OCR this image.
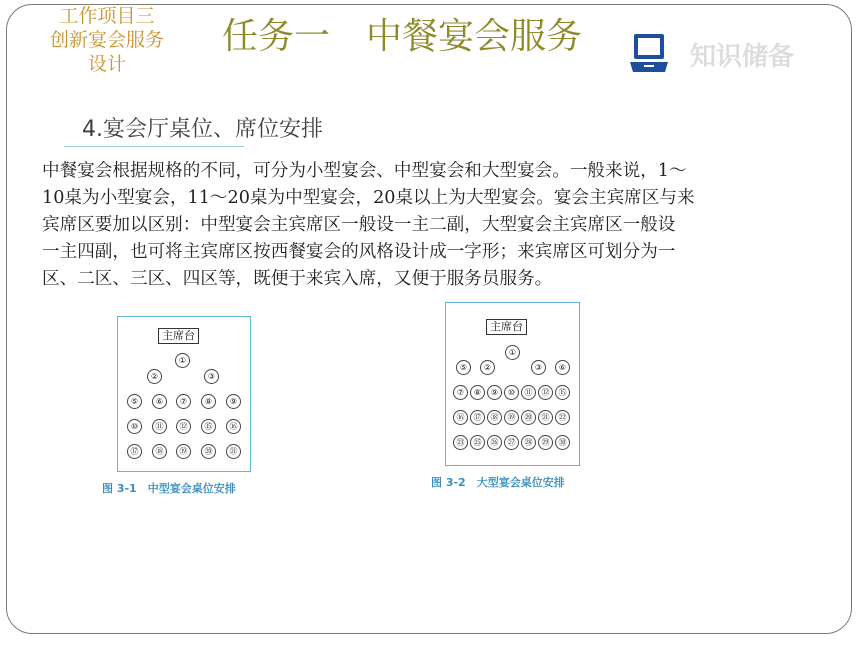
工作项目三
创新宴会服务
设计
任务一　中餐宴会服务	知识储备
4.宴会厅桌位、席位安排
中餐宴会根据规格的不同，可分为小型宴会、中型宴会和大型宴会。一般来说，1～
10桌为小型宴会，11～20桌为中型宴会，20桌以上为大型宴会。宴会主宾席区与来
宾席区要加以区别：中型宴会主宾席区一般设一主二副，大型宴会主宾席区一般设
一主四副，也可将主宾席区按西餐宴会的风格设计成一字形；来宾席区可划分为一
区、二区、三区、四区等，既便于来宾入席，又便于服务员服务。
主席台
①
②	③
⑤	⑥	⑦	⑧	⑨
⑩	⑪	⑫	⑮	⑯
⑰	⑱	⑲	⑳	㉑
图 3-1　中型宴会桌位安排
主席台
①
⑤	②	③	⑥
⑦	⑧	⑨	⑩	⑪	⑫	⑮
⑯	⑰	⑱	⑲	⑳	㉑	㉒
㉓	㉕	㉖	㉗	㉘	㉙	㉚
图 3-2　大型宴会桌位安排
